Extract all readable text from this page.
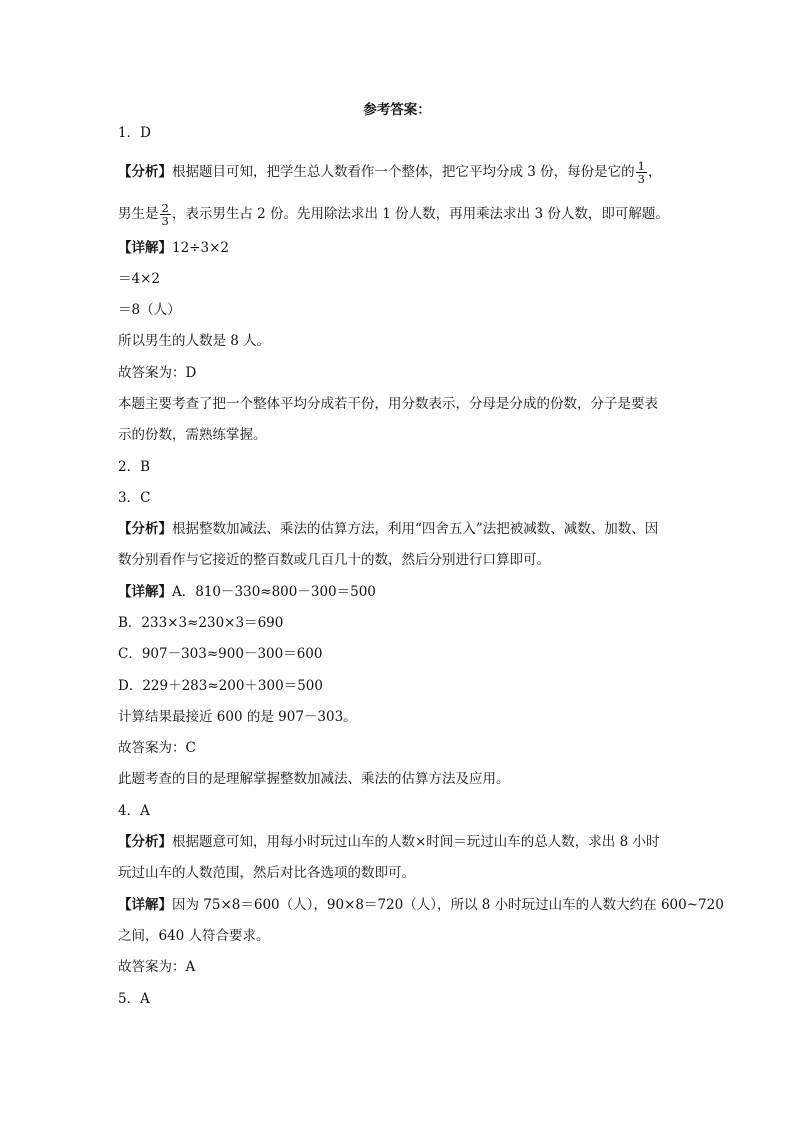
参考答案：
1．D
【分析】根据题目可知，把学生总人数看作一个整体，把它平均分成 3 份，每份是它的 $\frac{1}{3}$ ，
男生是 $\frac{2}{3}$ ，表示男生占 2 份。先用除法求出 1 份人数，再用乘法求出 3 份人数，即可解题。
【详解】12÷3×2
＝4×2
＝8（人）
所以男生的人数是 8 人。
故答案为：D
本题主要考查了把一个整体平均分成若干份，用分数表示，分母是分成的份数，分子是要表
示的份数，需熟练掌握。
2．B
3．C
【分析】根据整数加减法、乘法的估算方法，利用“四舍五入”法把被减数、减数、加数、因
数分别看作与它接近的整百数或几百几十的数，然后分别进行口算即可。
【详解】A．810－330≈800－300＝500
B．233×3≈230×3＝690
C．907－303≈900－300＝600
D．229＋283≈200＋300＝500
计算结果最接近 600 的是 907－303。
故答案为：C
此题考查的目的是理解掌握整数加减法、乘法的估算方法及应用。
4．A
【分析】根据题意可知，用每小时玩过山车的人数×时间＝玩过山车的总人数，求出 8 小时
玩过山车的人数范围，然后对比各选项的数即可。
【详解】因为 75×8＝600（人），90×8＝720（人），所以 8 小时玩过山车的人数大约在 600~720
之间，640 人符合要求。
故答案为：A
5．A
